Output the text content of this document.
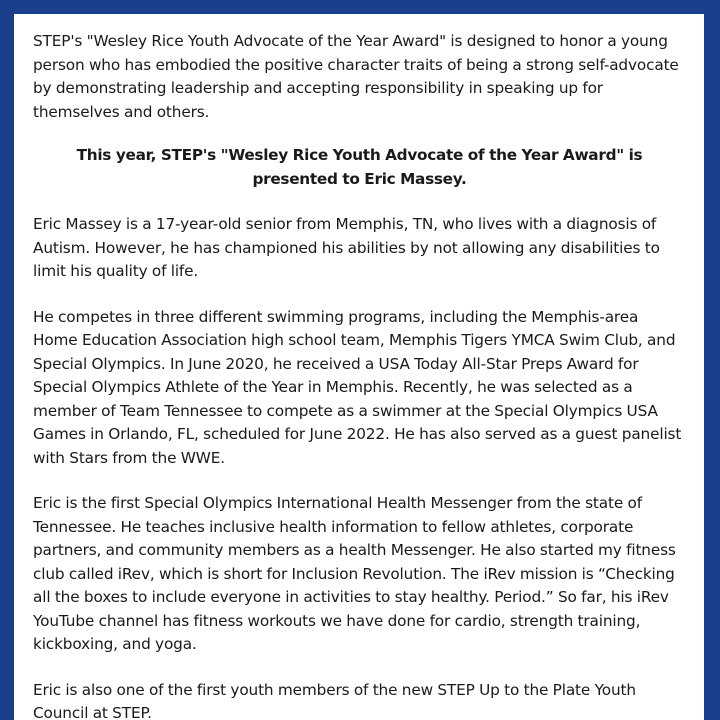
STEP's "Wesley Rice Youth Advocate of the Year Award" is designed to honor a young person who has embodied the positive character traits of being a strong self-advocate by demonstrating leadership and accepting responsibility in speaking up for themselves and others.

This year, STEP's "Wesley Rice Youth Advocate of the Year Award" is presented to Eric Massey.

Eric Massey is a 17-year-old senior from Memphis, TN, who lives with a diagnosis of Autism. However, he has championed his abilities by not allowing any disabilities to limit his quality of life.

He competes in three different swimming programs, including the Memphis-area Home Education Association high school team, Memphis Tigers YMCA Swim Club, and Special Olympics. In June 2020, he received a USA Today All-Star Preps Award for Special Olympics Athlete of the Year in Memphis. Recently, he was selected as a member of Team Tennessee to compete as a swimmer at the Special Olympics USA Games in Orlando, FL, scheduled for June 2022. He has also served as a guest panelist with Stars from the WWE.

Eric is the first Special Olympics International Health Messenger from the state of Tennessee. He teaches inclusive health information to fellow athletes, corporate partners, and community members as a health Messenger. He also started my fitness club called iRev, which is short for Inclusion Revolution. The iRev mission is “Checking all the boxes to include everyone in activities to stay healthy. Period.” So far, his iRev YouTube channel has fitness workouts we have done for cardio, strength training, kickboxing, and yoga.

Eric is also one of the first youth members of the new STEP Up to the Plate Youth Council at STEP.
